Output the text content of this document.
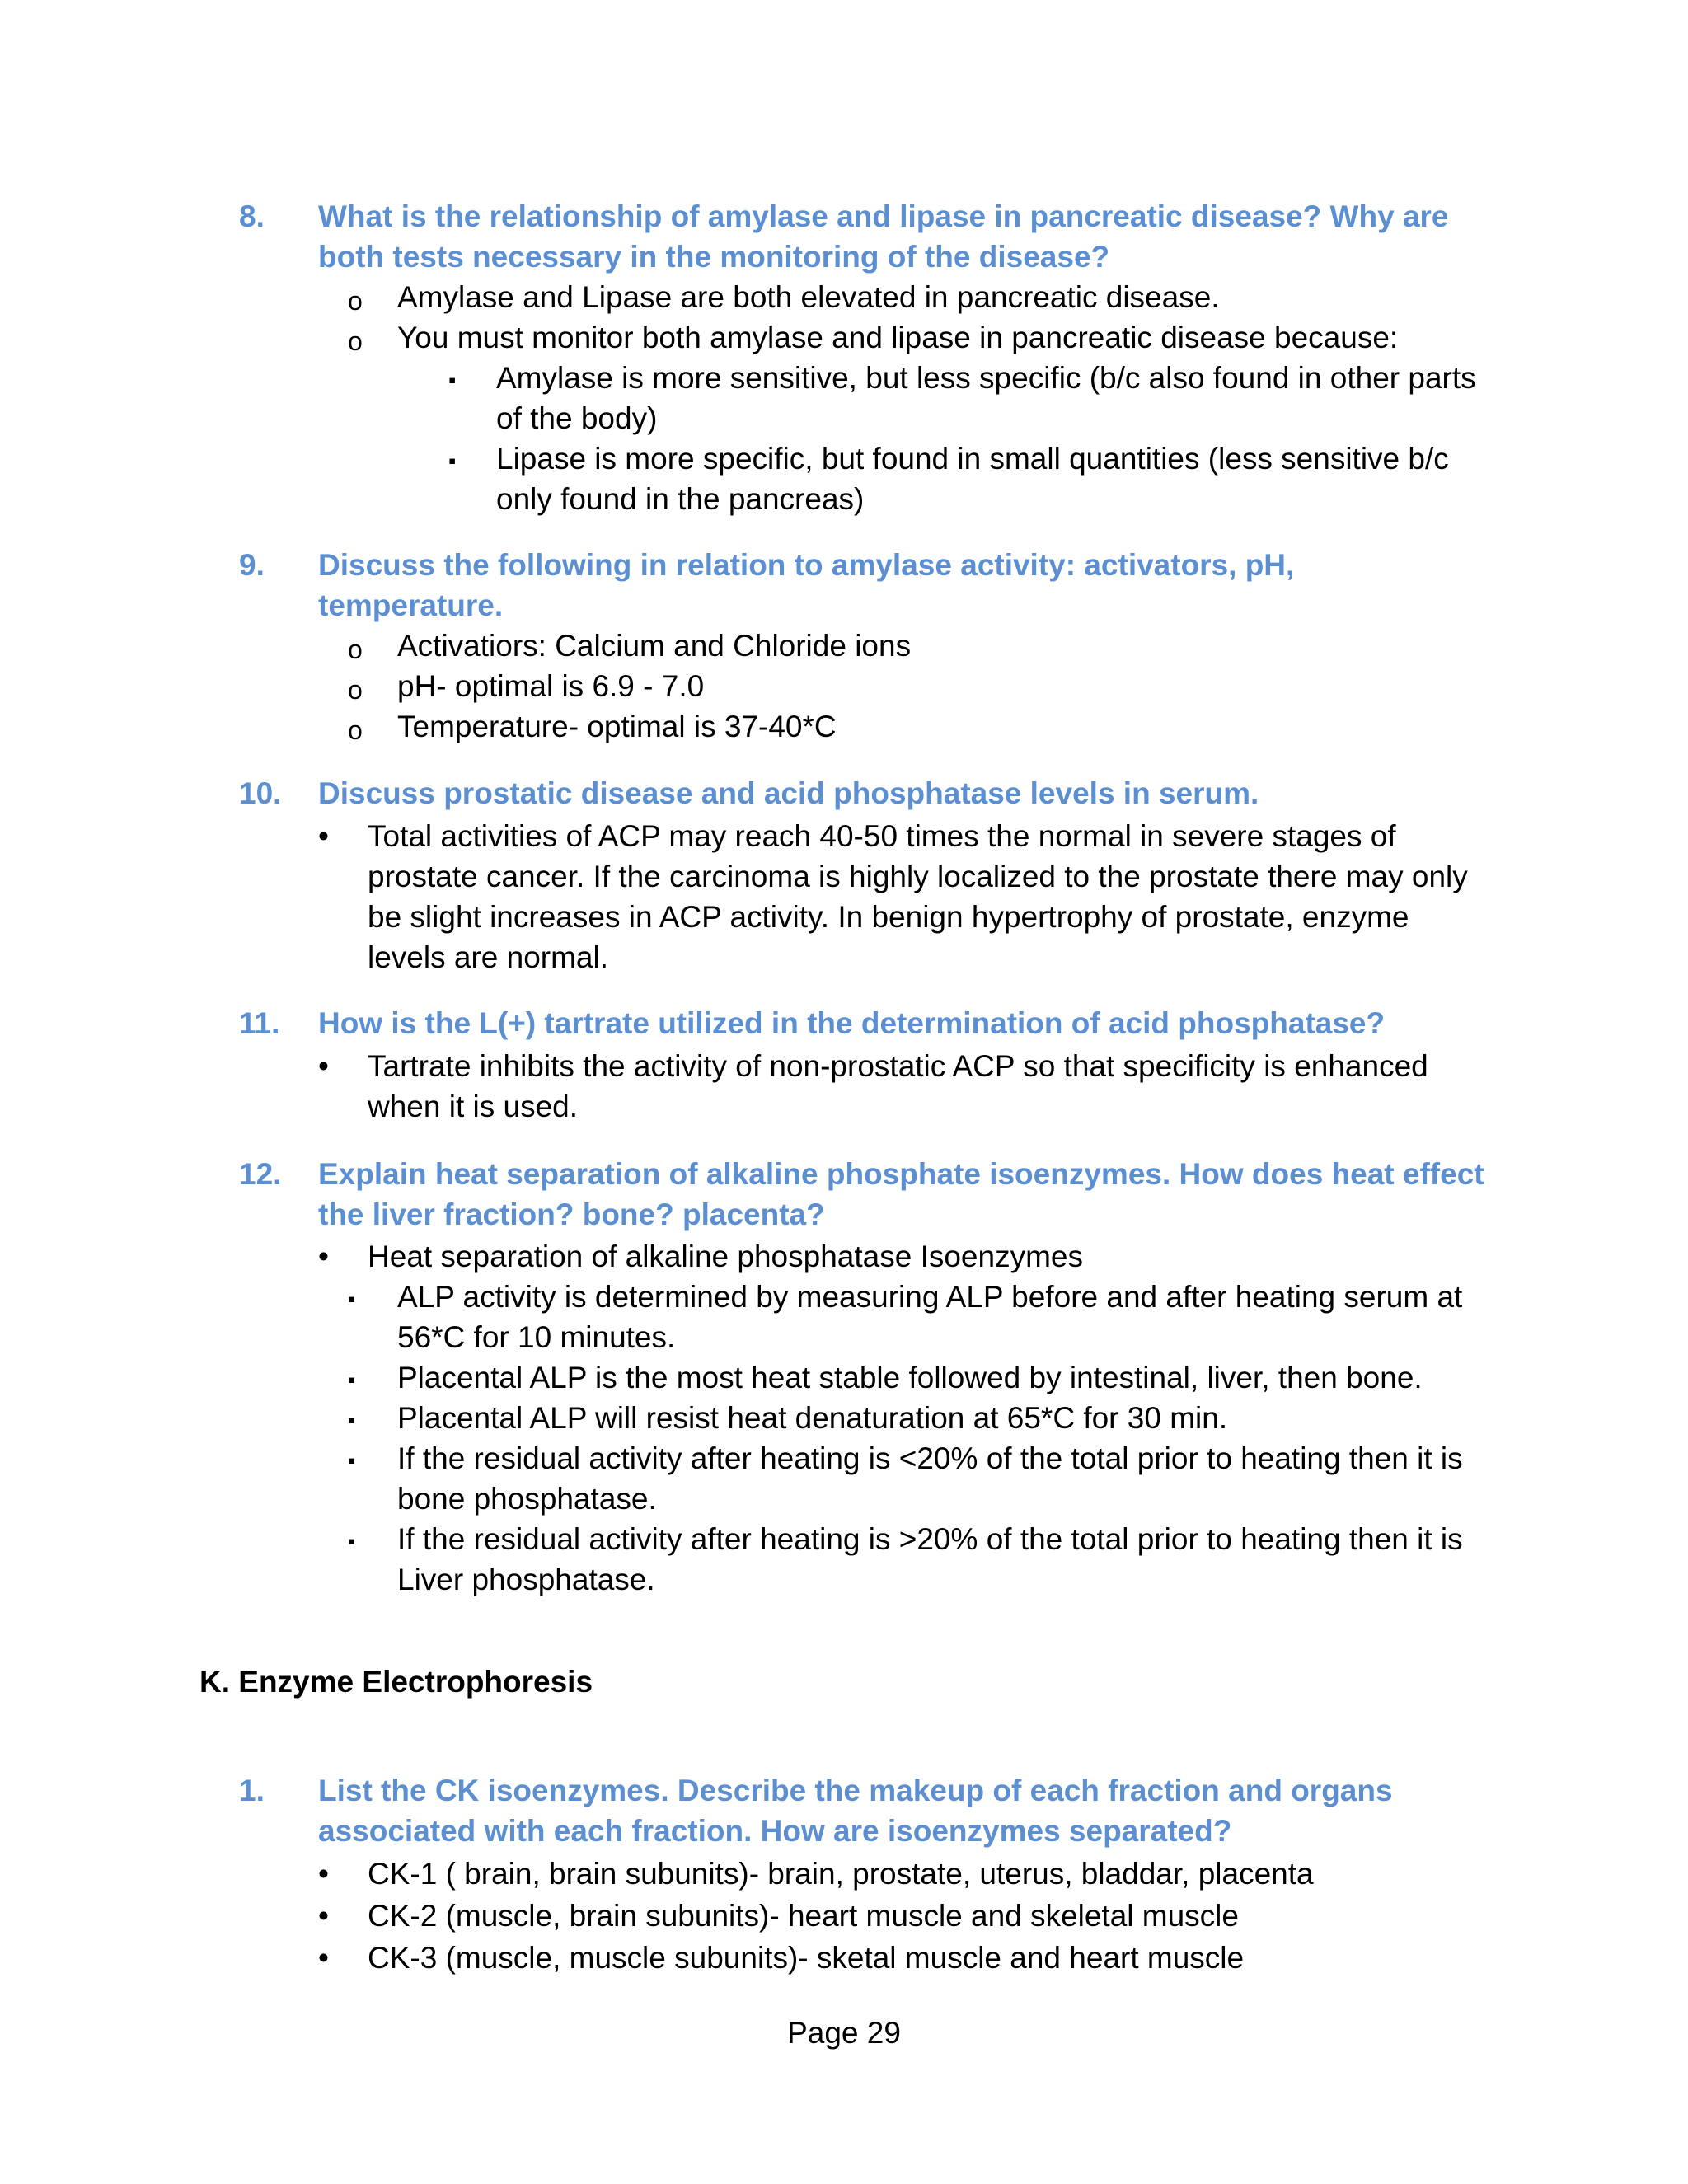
8. What is the relationship of amylase and lipase in pancreatic disease? Why are both tests necessary in the monitoring of the disease?
o Amylase and Lipase are both elevated in pancreatic disease.
o You must monitor both amylase and lipase in pancreatic disease because:
▪ Amylase is more sensitive, but less specific (b/c also found in other parts of the body)
▪ Lipase is more specific, but found in small quantities (less sensitive b/c only found in the pancreas)
9. Discuss the following in relation to amylase activity: activators, pH, temperature.
o Activatiors: Calcium and Chloride ions
o pH- optimal is 6.9 - 7.0
o Temperature- optimal is 37-40*C
10. Discuss prostatic disease and acid phosphatase levels in serum.
• Total activities of ACP may reach 40-50 times the normal in severe stages of prostate cancer. If the carcinoma is highly localized to the prostate there may only be slight increases in ACP activity. In benign hypertrophy of prostate, enzyme levels are normal.
11. How is the L(+) tartrate utilized in the determination of acid phosphatase?
• Tartrate inhibits the activity of non-prostatic ACP so that specificity is enhanced when it is used.
12. Explain heat separation of alkaline phosphate isoenzymes. How does heat effect the liver fraction? bone? placenta?
• Heat separation of alkaline phosphatase Isoenzymes
▪ ALP activity is determined by measuring ALP before and after heating serum at 56*C for 10 minutes.
▪ Placental ALP is the most heat stable followed by intestinal, liver, then bone.
▪ Placental ALP will resist heat denaturation at 65*C for 30 min.
▪ If the residual activity after heating is <20% of the total prior to heating then it is bone phosphatase.
▪ If the residual activity after heating is >20% of the total prior to heating then it is Liver phosphatase.
K. Enzyme Electrophoresis
1. List the CK isoenzymes. Describe the makeup of each fraction and organs associated with each fraction. How are isoenzymes separated?
• CK-1 ( brain, brain subunits)- brain, prostate, uterus, bladdar, placenta
• CK-2 (muscle, brain subunits)- heart muscle and skeletal muscle
• CK-3 (muscle, muscle subunits)- sketal muscle and heart muscle
Page 29
